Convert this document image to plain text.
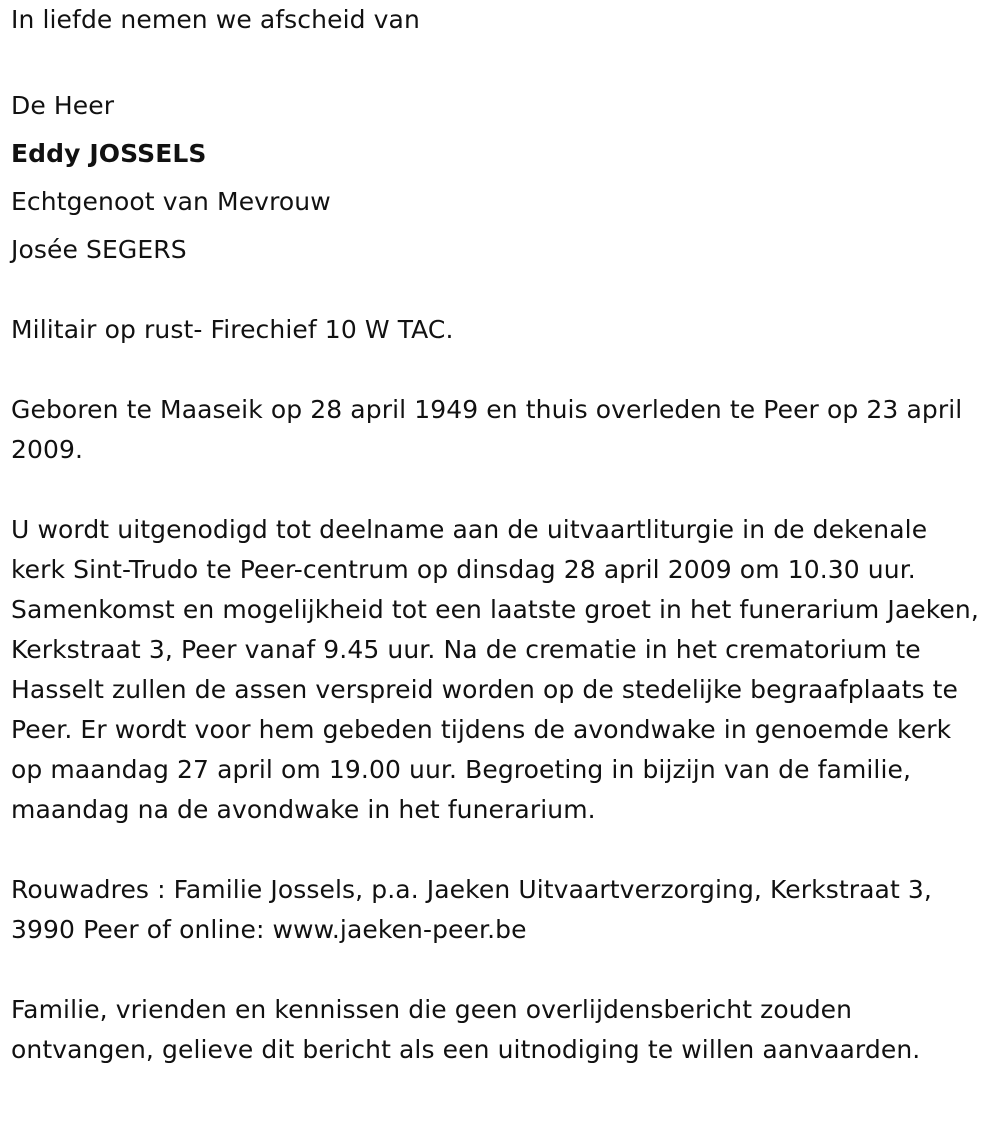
In liefde nemen we afscheid van
De Heer
Eddy JOSSELS
Echtgenoot van Mevrouw
Josée SEGERS
Militair op rust- Firechief 10 W TAC.
Geboren te Maaseik op 28 april 1949 en thuis overleden te Peer op 23 april 2009.
U wordt uitgenodigd tot deelname aan de uitvaartliturgie in de dekenale kerk Sint-Trudo te Peer-centrum op dinsdag 28 april 2009 om 10.30 uur. Samenkomst en mogelijkheid tot een laatste groet in het funerarium Jaeken, Kerkstraat 3, Peer vanaf 9.45 uur. Na de crematie in het crematorium te Hasselt zullen de assen verspreid worden op de stedelijke begraafplaats te Peer. Er wordt voor hem gebeden tijdens de avondwake in genoemde kerk op maandag 27 april om 19.00 uur. Begroeting in bijzijn van de familie, maandag na de avondwake in het funerarium.
Rouwadres : Familie Jossels, p.a. Jaeken Uitvaartverzorging, Kerkstraat 3, 3990 Peer of online: www.jaeken-peer.be
Familie, vrienden en kennissen die geen overlijdensbericht zouden ontvangen, gelieve dit bericht als een uitnodiging te willen aanvaarden.
